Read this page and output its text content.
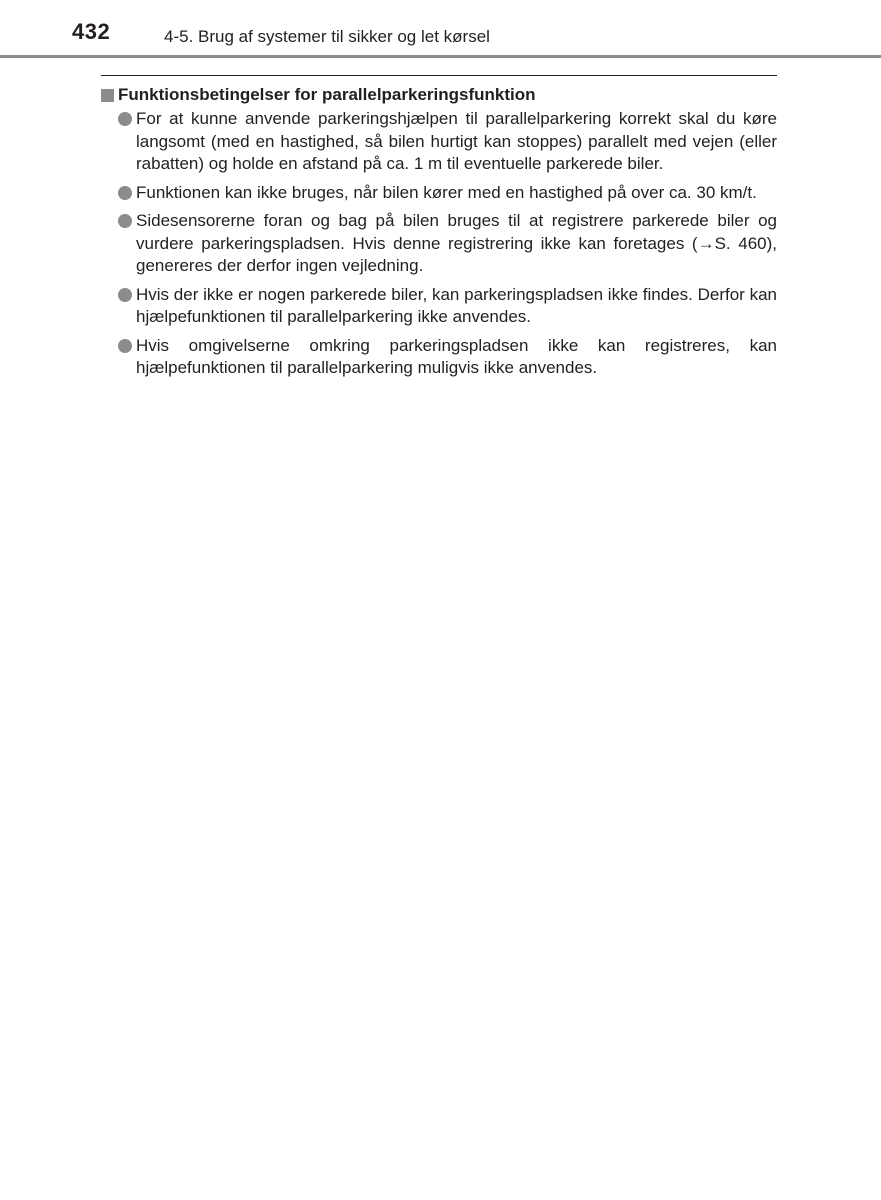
432	4-5. Brug af systemer til sikker og let kørsel
Funktionsbetingelser for parallelparkeringsfunktion
For at kunne anvende parkeringshjælpen til parallelparkering korrekt skal du køre langsomt (med en hastighed, så bilen hurtigt kan stoppes) parallelt med vejen (eller rabatten) og holde en afstand på ca. 1 m til eventuelle parkerede biler.
Funktionen kan ikke bruges, når bilen kører med en hastighed på over ca. 30 km/t.
Sidesensorerne foran og bag på bilen bruges til at registrere parkerede biler og vurdere parkeringspladsen. Hvis denne registrering ikke kan foretages (→S. 460), genereres der derfor ingen vejledning.
Hvis der ikke er nogen parkerede biler, kan parkeringspladsen ikke findes. Derfor kan hjælpefunktionen til parallelparkering ikke anvendes.
Hvis omgivelserne omkring parkeringspladsen ikke kan registreres, kan hjælpefunktionen til parallelparkering muligvis ikke anvendes.
